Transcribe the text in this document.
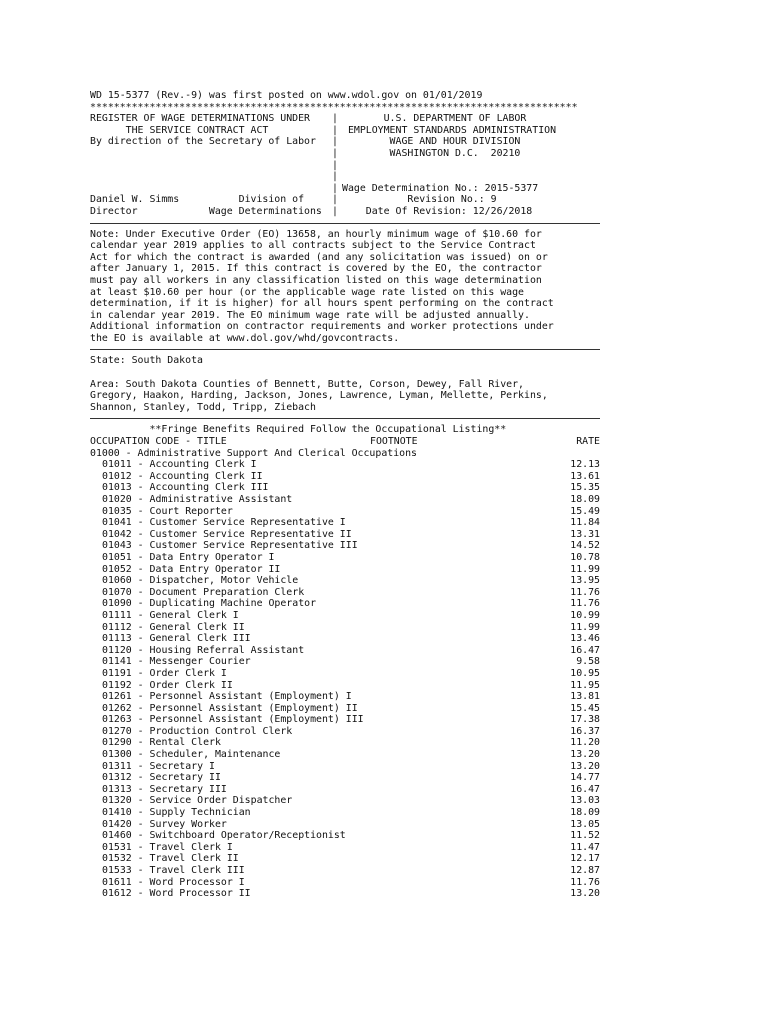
WD 15-5377 (Rev.-9) was first posted on www.wdol.gov on 01/01/2019
**********************************************************************************
REGISTER OF WAGE DETERMINATIONS UNDER
THE SERVICE CONTRACT ACT
By direction of the Secretary of Labor
Daniel W. Simms          Division of
Director            Wage Determinations
|
|
|
|
|
|
|
|
|
U.S. DEPARTMENT OF LABOR
EMPLOYMENT STANDARDS ADMINISTRATION
WAGE AND HOUR DIVISION
WASHINGTON D.C.  20210
Wage Determination No.: 2015-5377
Revision No.: 9
Date Of Revision: 12/26/2018
Note: Under Executive Order (EO) 13658, an hourly minimum wage of $10.60 for
calendar year 2019 applies to all contracts subject to the Service Contract
Act for which the contract is awarded (and any solicitation was issued) on or
after January 1, 2015. If this contract is covered by the EO, the contractor
must pay all workers in any classification listed on this wage determination
at least $10.60 per hour (or the applicable wage rate listed on this wage
determination, if it is higher) for all hours spent performing on the contract
in calendar year 2019. The EO minimum wage rate will be adjusted annually.
Additional information on contractor requirements and worker protections under
the EO is available at www.dol.gov/whd/govcontracts.
State: South Dakota
Area: South Dakota Counties of Bennett, Butte, Corson, Dewey, Fall River,
Gregory, Haakon, Harding, Jackson, Jones, Lawrence, Lyman, Mellette, Perkins,
Shannon, Stanley, Todd, Tripp, Ziebach
**Fringe Benefits Required Follow the Occupational Listing**
OCCUPATION CODE - TITLE	FOOTNOTE	RATE
01000 - Administrative Support And Clerical Occupations
01011 - Accounting Clerk I	12.13
01012 - Accounting Clerk II	13.61
01013 - Accounting Clerk III	15.35
01020 - Administrative Assistant	18.09
01035 - Court Reporter	15.49
01041 - Customer Service Representative I	11.84
01042 - Customer Service Representative II	13.31
01043 - Customer Service Representative III	14.52
01051 - Data Entry Operator I	10.78
01052 - Data Entry Operator II	11.99
01060 - Dispatcher, Motor Vehicle	13.95
01070 - Document Preparation Clerk	11.76
01090 - Duplicating Machine Operator	11.76
01111 - General Clerk I	10.99
01112 - General Clerk II	11.99
01113 - General Clerk III	13.46
01120 - Housing Referral Assistant	16.47
01141 - Messenger Courier	9.58
01191 - Order Clerk I	10.95
01192 - Order Clerk II	11.95
01261 - Personnel Assistant (Employment) I	13.81
01262 - Personnel Assistant (Employment) II	15.45
01263 - Personnel Assistant (Employment) III	17.38
01270 - Production Control Clerk	16.37
01290 - Rental Clerk	11.20
01300 - Scheduler, Maintenance	13.20
01311 - Secretary I	13.20
01312 - Secretary II	14.77
01313 - Secretary III	16.47
01320 - Service Order Dispatcher	13.03
01410 - Supply Technician	18.09
01420 - Survey Worker	13.05
01460 - Switchboard Operator/Receptionist	11.52
01531 - Travel Clerk I	11.47
01532 - Travel Clerk II	12.17
01533 - Travel Clerk III	12.87
01611 - Word Processor I	11.76
01612 - Word Processor II	13.20
